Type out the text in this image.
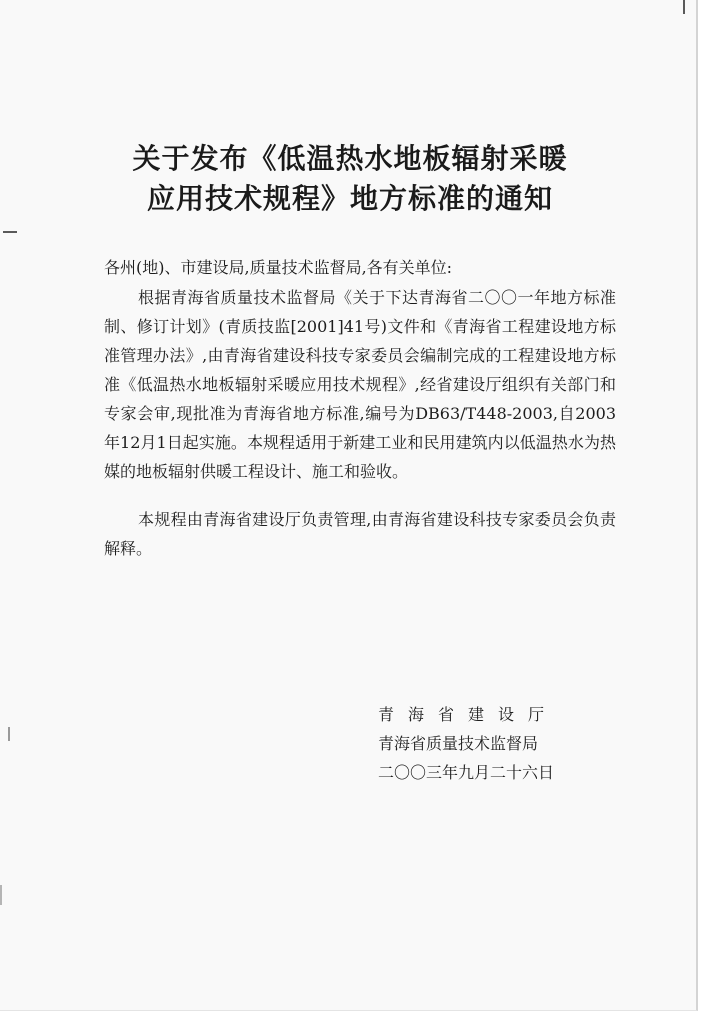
关于发布《低温热水地板辐射采暖
应用技术规程》地方标准的通知
各州(地)、市建设局,质量技术监督局,各有关单位:
根据青海省质量技术监督局《关于下达青海省二〇〇一年地方标准制、修订计划》(青质技监[2001]41号)文件和《青海省工程建设地方标准管理办法》,由青海省建设科技专家委员会编制完成的工程建设地方标准《低温热水地板辐射采暖应用技术规程》,经省建设厅组织有关部门和专家会审,现批准为青海省地方标准,编号为DB63/T448-2003,自2003年12月1日起实施。本规程适用于新建工业和民用建筑内以低温热水为热媒的地板辐射供暖工程设计、施工和验收。
本规程由青海省建设厅负责管理,由青海省建设科技专家委员会负责解释。
青海省建设厅
青海省质量技术监督局
二〇〇三年九月二十六日
